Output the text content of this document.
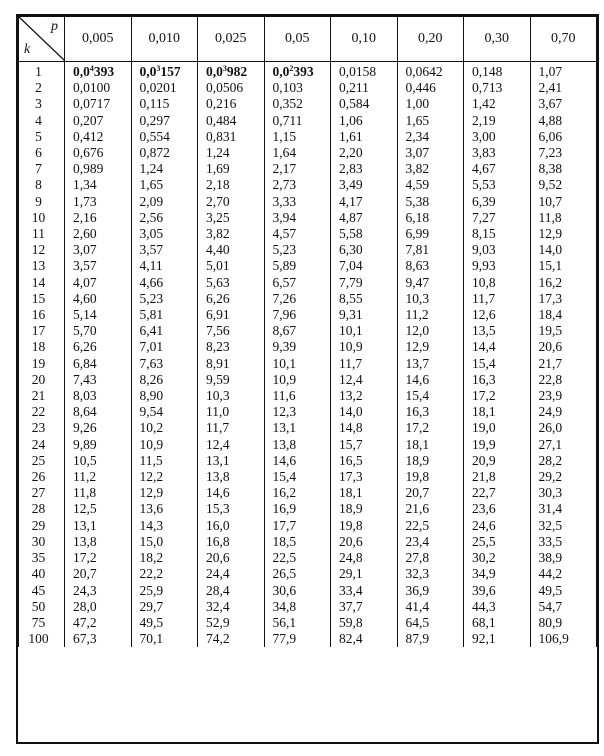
p
k	0,005	0,010	0,025	0,05	0,10	0,20	0,30	0,70
1	$0,0^4393$	$0,0^3157$	$0,0^3982$	$0,0^2393$	0,0158	0,0642	0,148	1,07
2	0,0100	0,0201	0,0506	0,103	0,211	0,446	0,713	2,41
3	0,0717	0,115	0,216	0,352	0,584	1,00	1,42	3,67
4	0,207	0,297	0,484	0,711	1,06	1,65	2,19	4,88
5	0,412	0,554	0,831	1,15	1,61	2,34	3,00	6,06
6	0,676	0,872	1,24	1,64	2,20	3,07	3,83	7,23
7	0,989	1,24	1,69	2,17	2,83	3,82	4,67	8,38
8	1,34	1,65	2,18	2,73	3,49	4,59	5,53	9,52
9	1,73	2,09	2,70	3,33	4,17	5,38	6,39	10,7
10	2,16	2,56	3,25	3,94	4,87	6,18	7,27	11,8
11	2,60	3,05	3,82	4,57	5,58	6,99	8,15	12,9
12	3,07	3,57	4,40	5,23	6,30	7,81	9,03	14,0
13	3,57	4,11	5,01	5,89	7,04	8,63	9,93	15,1
14	4,07	4,66	5,63	6,57	7,79	9,47	10,8	16,2
15	4,60	5,23	6,26	7,26	8,55	10,3	11,7	17,3
16	5,14	5,81	6,91	7,96	9,31	11,2	12,6	18,4
17	5,70	6,41	7,56	8,67	10,1	12,0	13,5	19,5
18	6,26	7,01	8,23	9,39	10,9	12,9	14,4	20,6
19	6,84	7,63	8,91	10,1	11,7	13,7	15,4	21,7
20	7,43	8,26	9,59	10,9	12,4	14,6	16,3	22,8
21	8,03	8,90	10,3	11,6	13,2	15,4	17,2	23,9
22	8,64	9,54	11,0	12,3	14,0	16,3	18,1	24,9
23	9,26	10,2	11,7	13,1	14,8	17,2	19,0	26,0
24	9,89	10,9	12,4	13,8	15,7	18,1	19,9	27,1
25	10,5	11,5	13,1	14,6	16,5	18,9	20,9	28,2
26	11,2	12,2	13,8	15,4	17,3	19,8	21,8	29,2
27	11,8	12,9	14,6	16,2	18,1	20,7	22,7	30,3
28	12,5	13,6	15,3	16,9	18,9	21,6	23,6	31,4
29	13,1	14,3	16,0	17,7	19,8	22,5	24,6	32,5
30	13,8	15,0	16,8	18,5	20,6	23,4	25,5	33,5
35	17,2	18,2	20,6	22,5	24,8	27,8	30,2	38,9
40	20,7	22,2	24,4	26,5	29,1	32,3	34,9	44,2
45	24,3	25,9	28,4	30,6	33,4	36,9	39,6	49,5
50	28,0	29,7	32,4	34,8	37,7	41,4	44,3	54,7
75	47,2	49,5	52,9	56,1	59,8	64,5	68,1	80,9
100	67,3	70,1	74,2	77,9	82,4	87,9	92,1	106,9
